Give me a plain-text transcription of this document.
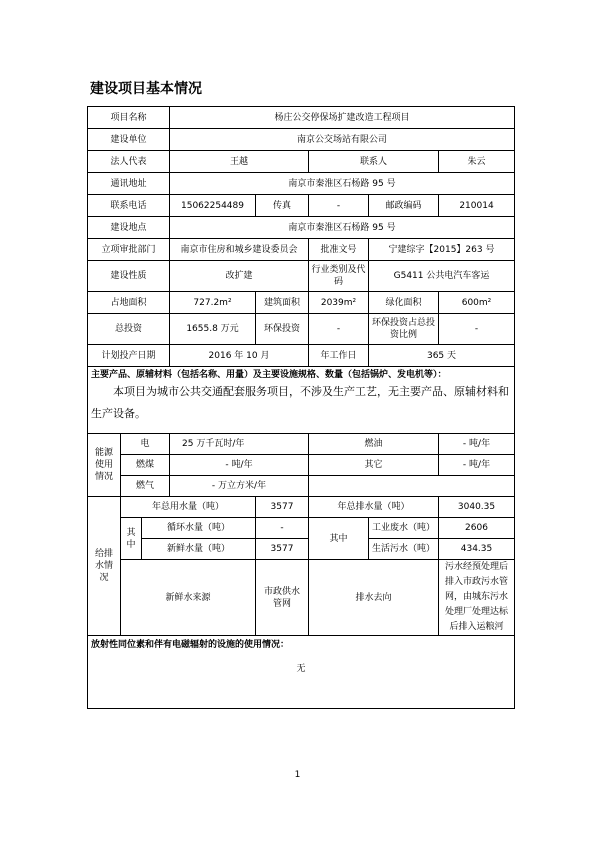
建设项目基本情况
项目名称			杨庄公交停保场扩建改造工程项目				
建设单位			南京公交场站有限公司				
法人代表			王越		联系人		朱云
通讯地址			南京市秦淮区石杨路 95 号				
联系电话			15062254489	传真	-	邮政编码	210014
建设地点			南京市秦淮区石杨路 95 号				
立项审批部门			南京市住房和城乡建设委员会		批准文号	宁建综字【2015】263 号	
建设性质			改扩建		行业类别及代码	G5411 公共电汽车客运	
占地面积			727.2m²	建筑面积	2039m²	绿化面积	600m²
总投资			1655.8 万元	环保投资	-	环保投资占总投资比例	-
计划投产日期			2016 年 10 月		年工作日	365 天	
主要产品、原辅材料（包括名称、用量）及主要设施规格、数量（包括锅炉、发电机等）：
本项目为城市公共交通配套服务项目，不涉及生产工艺，无主要产品、原辅材料和生产设备。							

能源使用情况	电		25 万千瓦时/年		燃油		- 吨/年
	燃煤		- 吨/年		其它		- 吨/年
	燃气		- 万立方米/年				
给排水情况	年总用水量（吨）			3577	年总排水量（吨）		3040.35
	其中	循环水量（吨）		-	其中	工业废水（吨）	2606
		新鲜水量（吨）		3577		生活污水（吨）	434.35
	新鲜水来源			市政供水管网	排水去向		污水经预处理后排入市政污水管网，由城东污水处理厂处理达标后排入运粮河
放射性同位素和伴有电磁辐射的设施的使用情况：
无							
1
